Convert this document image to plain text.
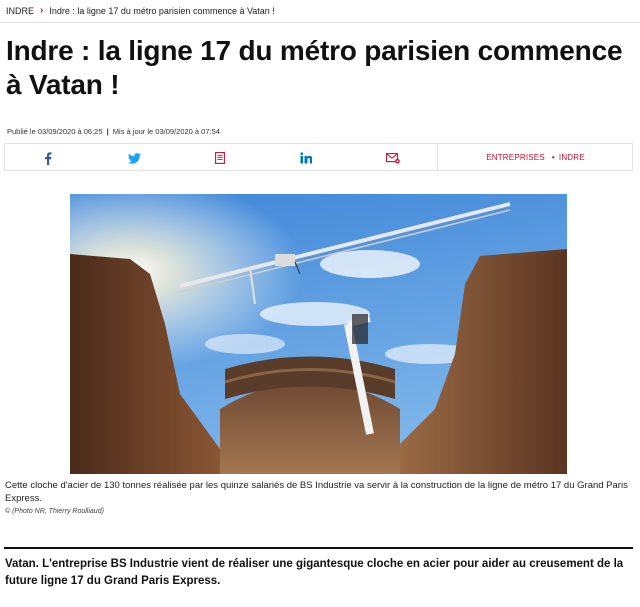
INDRE › Indre : la ligne 17 du métro parisien commence à Vatan !
Indre : la ligne 17 du métro parisien commence à Vatan !
Publié le 03/09/2020 à 06:25 | Mis à jour le 03/09/2020 à 07:54
ENTREPRISES • INDRE

Cette cloche d'acier de 130 tonnes réalisée par les quinze salariés de BS Industrie va servir à la construction de la ligne de métro 17 du Grand Paris Express.

© (Photo NR, Thierry Roulliaud)

Vatan. L'entreprise BS Industrie vient de réaliser une gigantesque cloche en acier pour aider au creusement de la future ligne 17 du Grand Paris Express.
